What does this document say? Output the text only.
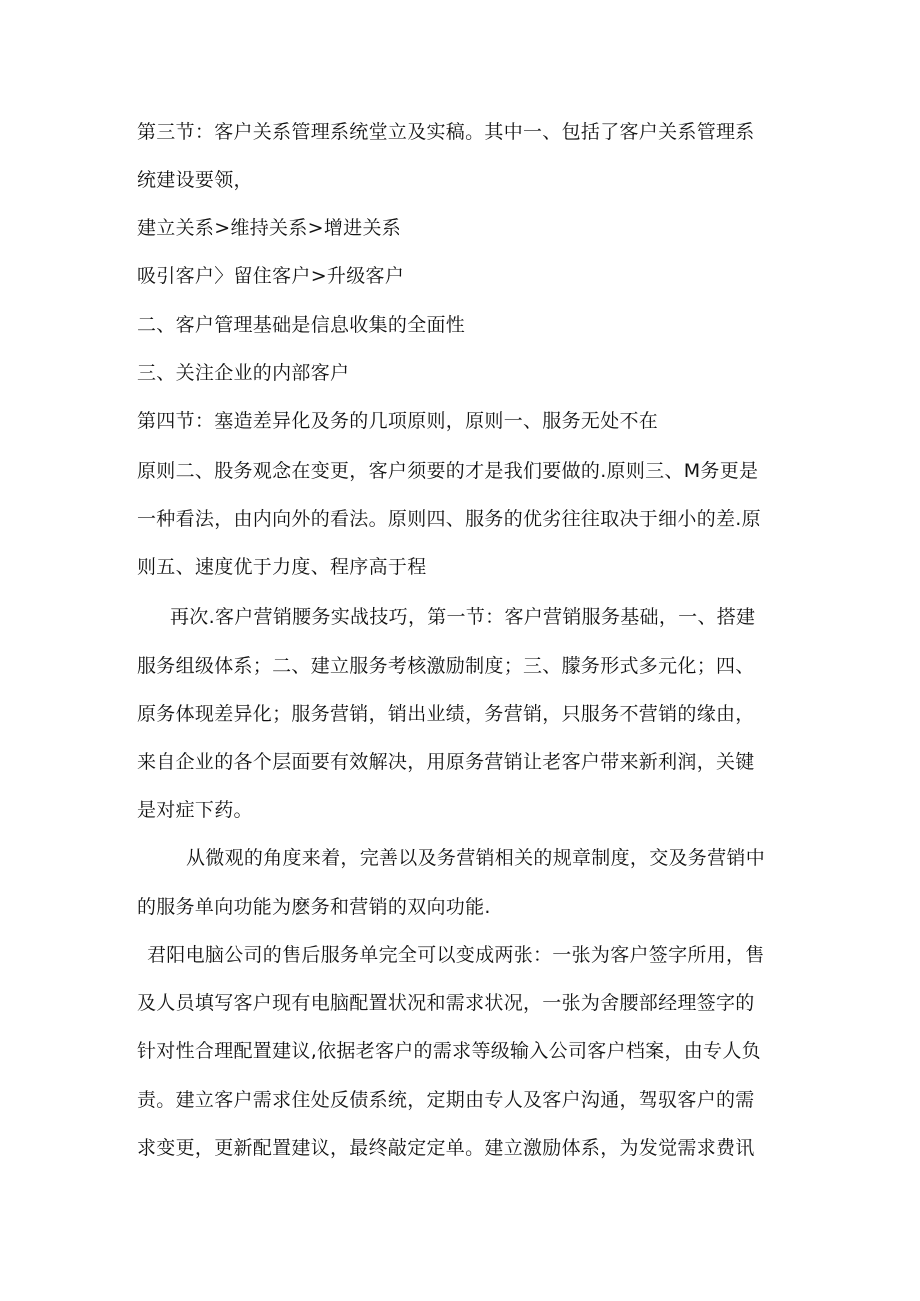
第三节：客户关系管理系统堂立及实稿。其中一、包括了客户关系管理系
统建设要领，
建立关系>维持关系>增进关系
吸引客户〉留住客户>升级客户
二、客户管理基础是信息收集的全面性
三、关注企业的内部客户
第四节：塞造差异化及务的几项原则，原则一、服务无处不在
原则二、股务观念在变更，客户须要的才是我们要做的.原则三、M务更是
一种看法，由内向外的看法。原则四、服务的优劣往往取决于细小的差.原
则五、速度优于力度、程序高于程
再次.客户营销腰务实战技巧，第一节：客户营销服务基础，一、搭建
服务组级体系；二、建立服务考核激励制度；三、朦务形式多元化；四、
原务体现差异化；服务营销，销出业绩，务营销，只服务不营销的缘由，
来自企业的各个层面要有效解决，用原务营销让老客户带来新利润，关键
是对症下药。
从微观的角度来着，完善以及务营销相关的规章制度，交及务营销中
的服务单向功能为麽务和营销的双向功能.
君阳电脑公司的售后服务单完全可以变成两张：一张为客户签字所用，售
及人员填写客户现有电脑配置状况和需求状况，一张为舍腰部经理签字的
针对性合理配置建议,依据老客户的需求等级输入公司客户档案，由专人负
责。建立客户需求住处反债系统，定期由专人及客户沟通，驾驭客户的需
求变更，更新配置建议，最终敲定定单。建立激励体系，为发觉需求费讯
